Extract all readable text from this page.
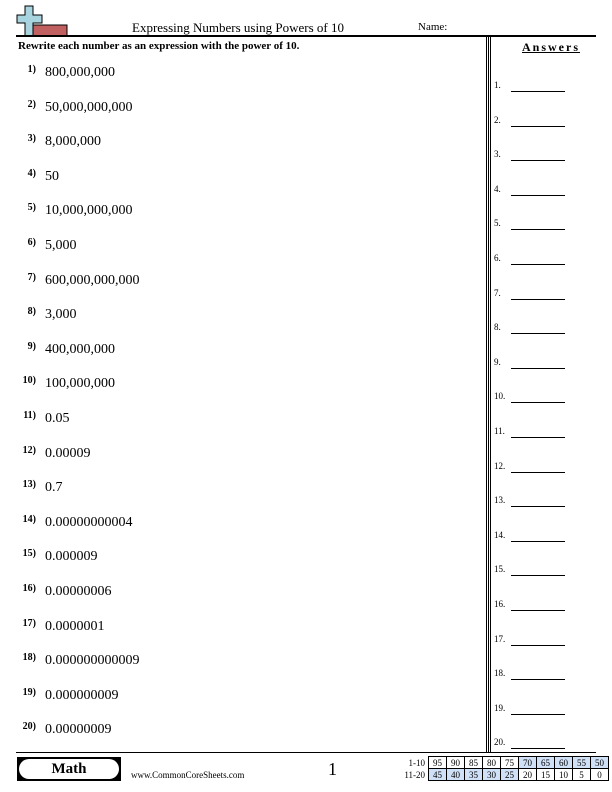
Expressing Numbers using Powers of 10	Name:
Rewrite each number as an expression with the power of 10.	Answers
1) 800,000,000
2) 50,000,000,000
3) 8,000,000
4) 50
5) 10,000,000,000
6) 5,000
7) 600,000,000,000
8) 3,000
9) 400,000,000
10) 100,000,000
11) 0.05
12) 0.00009
13) 0.7
14) 0.00000000004
15) 0.000009
16) 0.00000006
17) 0.0000001
18) 0.000000000009
19) 0.000000009
20) 0.00000009
1.
2.
3.
4.
5.
6.
7.
8.
9.
10.
11.
12.
13.
14.
15.
16.
17.
18.
19.
20.
Math	www.CommonCoreSheets.com	1	1-10	95	90	85	80	75	70	65	60	55	50
11-20	45	40	35	30	25	20	15	10	5	0
